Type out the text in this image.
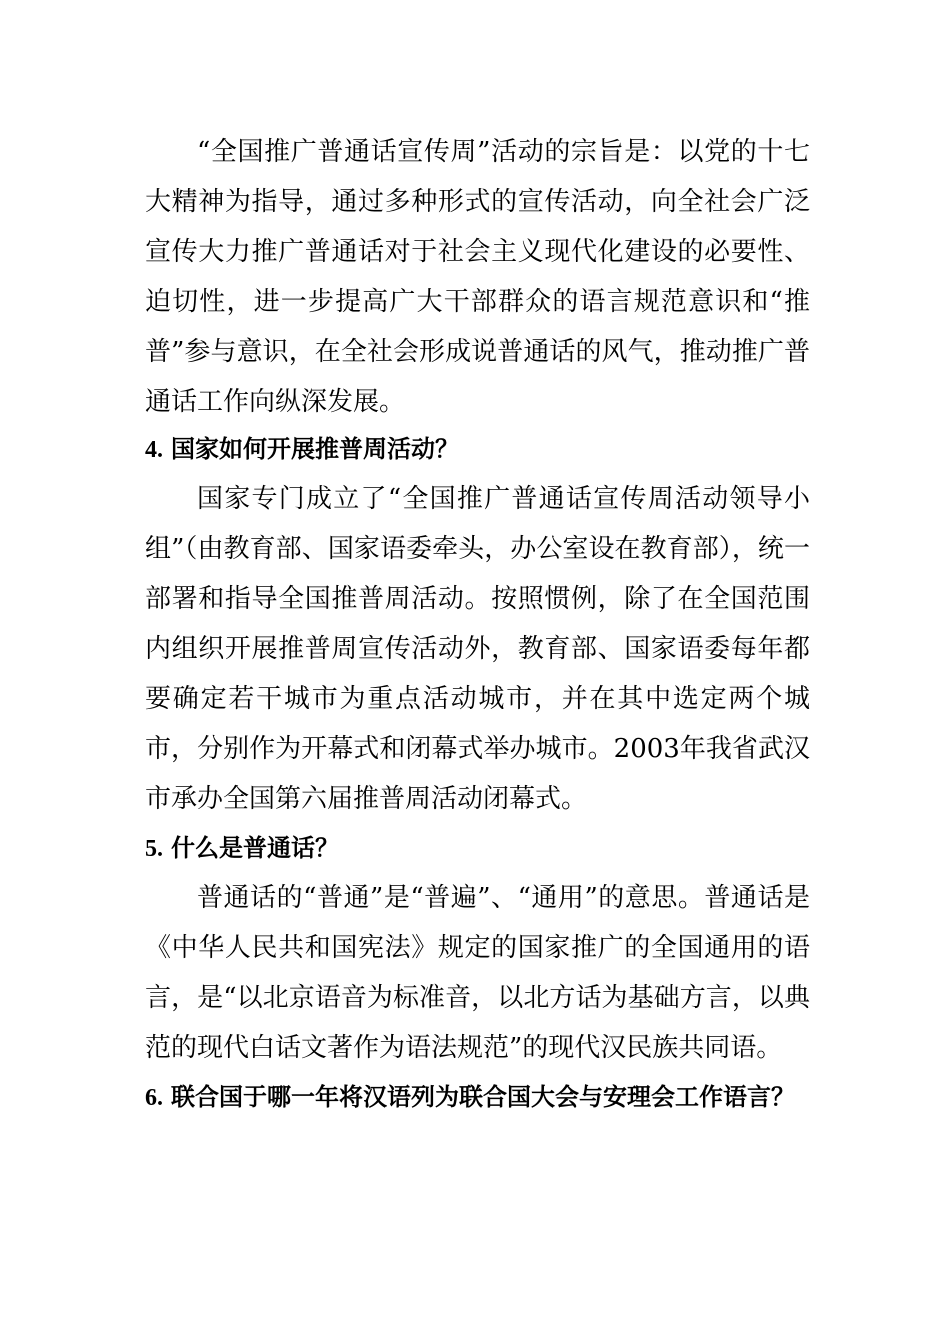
“全国推广普通话宣传周”活动的宗旨是：以党的十七大精神为指导，通过多种形式的宣传活动，向全社会广泛宣传大力推广普通话对于社会主义现代化建设的必要性、迫切性，进一步提高广大干部群众的语言规范意识和“推普”参与意识，在全社会形成说普通话的风气，推动推广普通话工作向纵深发展。

4. 国家如何开展推普周活动？

国家专门成立了“全国推广普通话宣传周活动领导小组”（由教育部、国家语委牵头，办公室设在教育部），统一部署和指导全国推普周活动。按照惯例，除了在全国范围内组织开展推普周宣传活动外，教育部、国家语委每年都要确定若干城市为重点活动城市，并在其中选定两个城市，分别作为开幕式和闭幕式举办城市。2003年我省武汉市承办全国第六届推普周活动闭幕式。

5. 什么是普通话？

普通话的“普通”是“普遍”、“通用”的意思。普通话是《中华人民共和国宪法》规定的国家推广的全国通用的语言，是“以北京语音为标准音，以北方话为基础方言，以典范的现代白话文著作为语法规范”的现代汉民族共同语。

6. 联合国于哪一年将汉语列为联合国大会与安理会工作语言？
